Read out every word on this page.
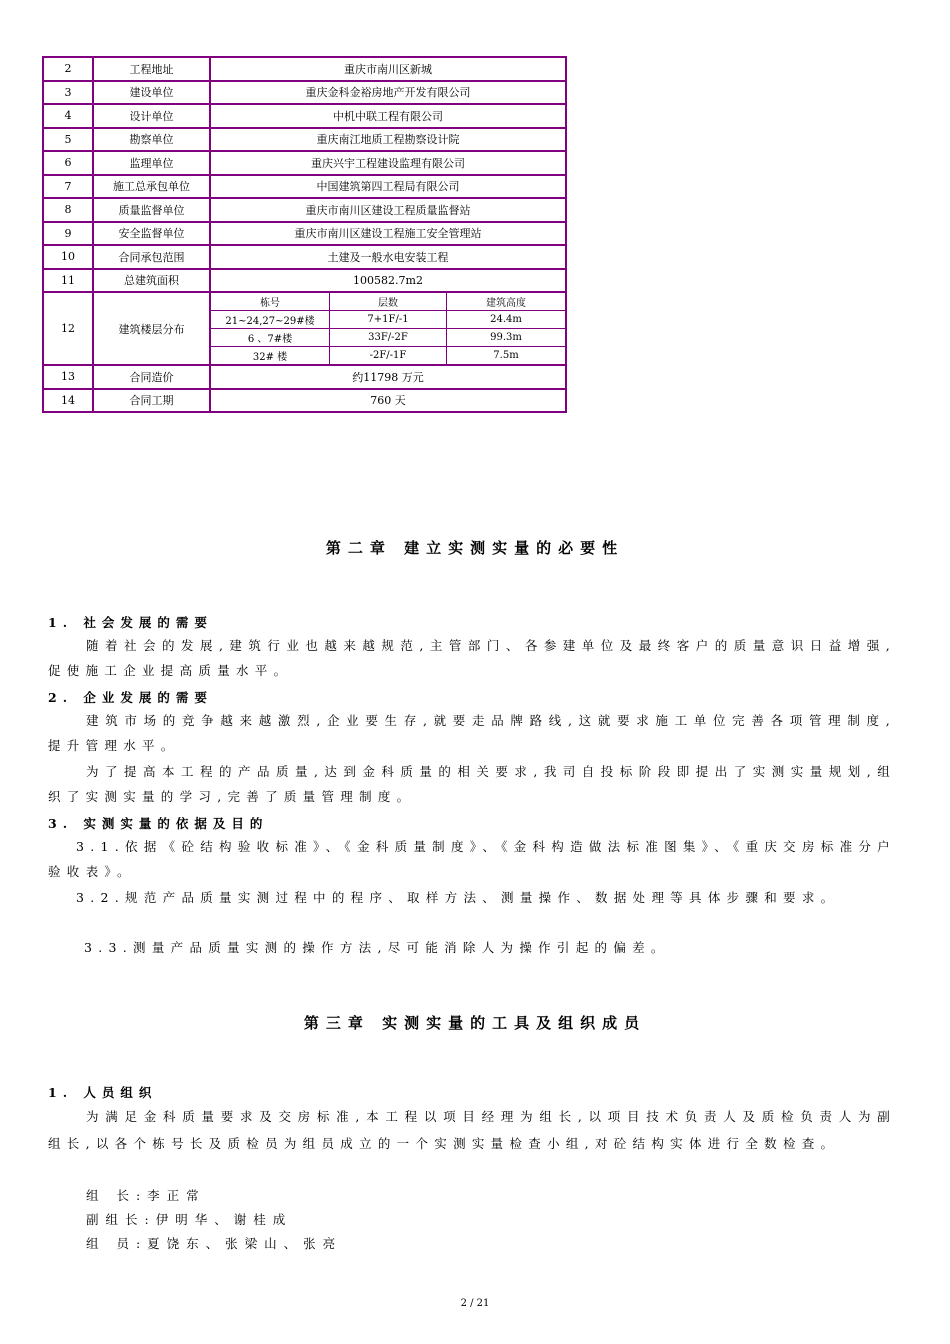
2	工程地址	重庆市南川区新城
3	建设单位	重庆金科金裕房地产开发有限公司
4	设计单位	中机中联工程有限公司
5	勘察单位	重庆南江地质工程勘察设计院
6	监理单位	重庆兴宇工程建设监理有限公司
7	施工总承包单位	中国建筑第四工程局有限公司
8	质量监督单位	重庆市南川区建设工程质量监督站
9	安全监督单位	重庆市南川区建设工程施工安全管理站
10	合同承包范围	土建及一般水电安装工程
11	总建筑面积	100582.7m2
12	建筑楼层分布	
栋号	层数	建筑高度
21~24,27~29#楼	7+1F/-1	24.4m
6 、7#楼	33F/-2F	99.3m
32# 楼	-2F/-1F	7.5m

13	合同造价	约11798 万元
14	合同工期	760 天
第二章 建立实测实量的必要性
1. 社会发展的需要
随着社会的发展,建筑行业也越来越规范,主管部门、各参建单位及最终客户的质量意识日益增强,促使施工企业提高质量水平。
2. 企业发展的需要
建筑市场的竞争越来越激烈,企业要生存,就要走品牌路线,这就要求施工单位完善各项管理制度,提升管理水平。
为了提高本工程的产品质量,达到金科质量的相关要求,我司自投标阶段即提出了实测实量规划,组织了实测实量的学习,完善了质量管理制度。
3. 实测实量的依据及目的
3.1.依据《砼结构验收标准》、《金科质量制度》、《金科构造做法标准图集》、《重庆交房标准分户验收表》。
3.2.规范产品质量实测过程中的程序、取样方法、测量操作、数据处理等具体步骤和要求。
3.3.测量产品质量实测的操作方法,尽可能消除人为操作引起的偏差。
第三章 实测实量的工具及组织成员
1. 人员组织
为满足金科质量要求及交房标准,本工程以项目经理为组长,以项目技术负责人及质检负责人为副组长,以各个栋号长及质检员为组员成立的一个实测实量检查小组,对砼结构实体进行全数检查。
组 长:李正常
副组长:伊明华、谢桂成
组 员:夏饶东、张梁山、张亮
2 / 21
